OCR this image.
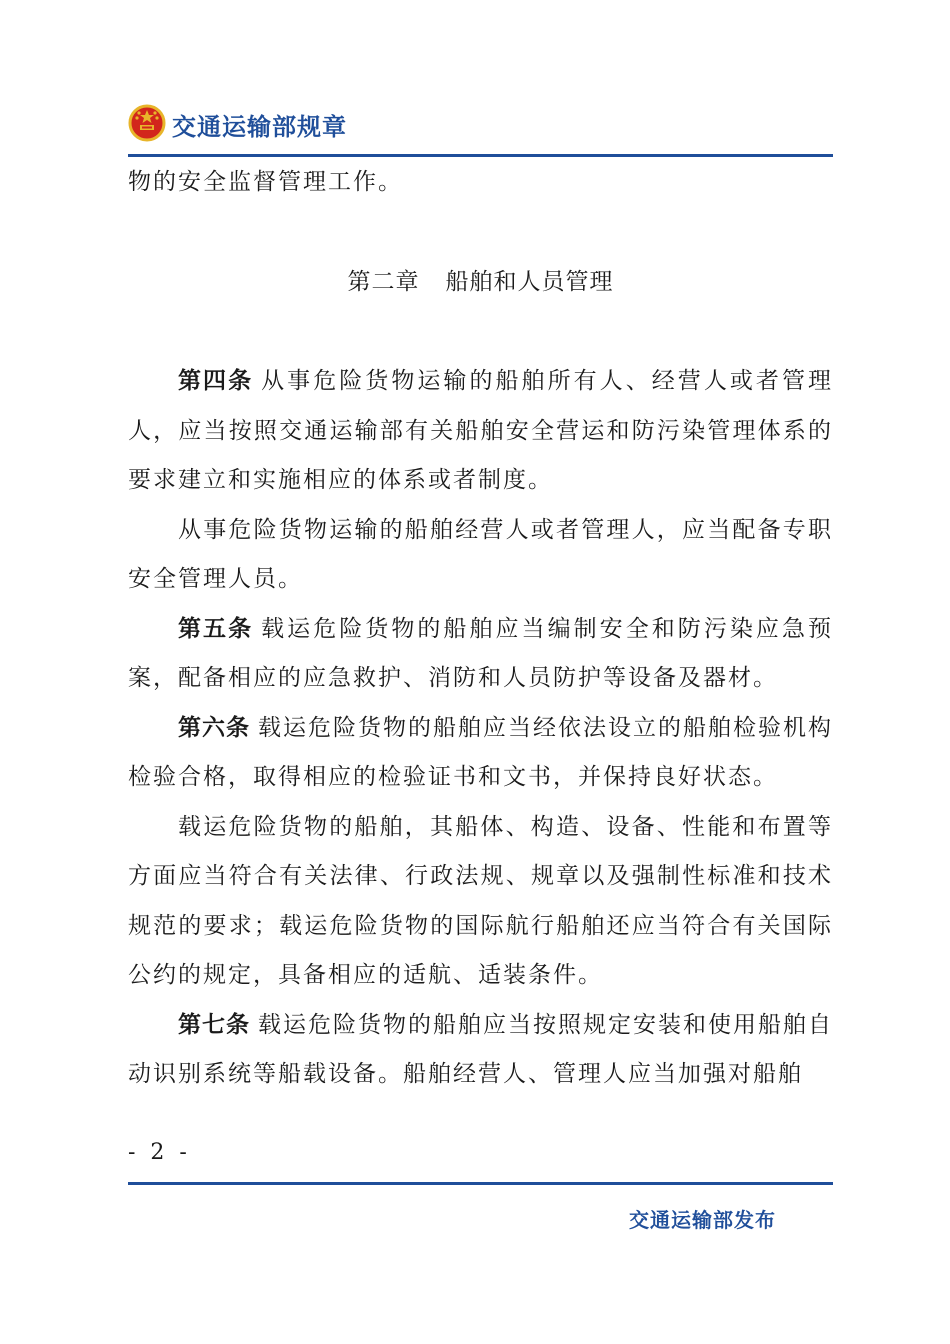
交通运输部规章

物的安全监督管理工作。

第二章 船舶和人员管理

第四条 从事危险货物运输的船舶所有人、经营人或者管理人，应当按照交通运输部有关船舶安全营运和防污染管理体系的要求建立和实施相应的体系或者制度。

从事危险货物运输的船舶经营人或者管理人，应当配备专职安全管理人员。

第五条 载运危险货物的船舶应当编制安全和防污染应急预案，配备相应的应急救护、消防和人员防护等设备及器材。

第六条 载运危险货物的船舶应当经依法设立的船舶检验机构检验合格，取得相应的检验证书和文书，并保持良好状态。

载运危险货物的船舶，其船体、构造、设备、性能和布置等方面应当符合有关法律、行政法规、规章以及强制性标准和技术规范的要求；载运危险货物的国际航行船舶还应当符合有关国际公约的规定，具备相应的适航、适装条件。

第七条 载运危险货物的船舶应当按照规定安装和使用船舶自动识别系统等船载设备。船舶经营人、管理人应当加强对船舶

- 2 -
交通运输部发布
